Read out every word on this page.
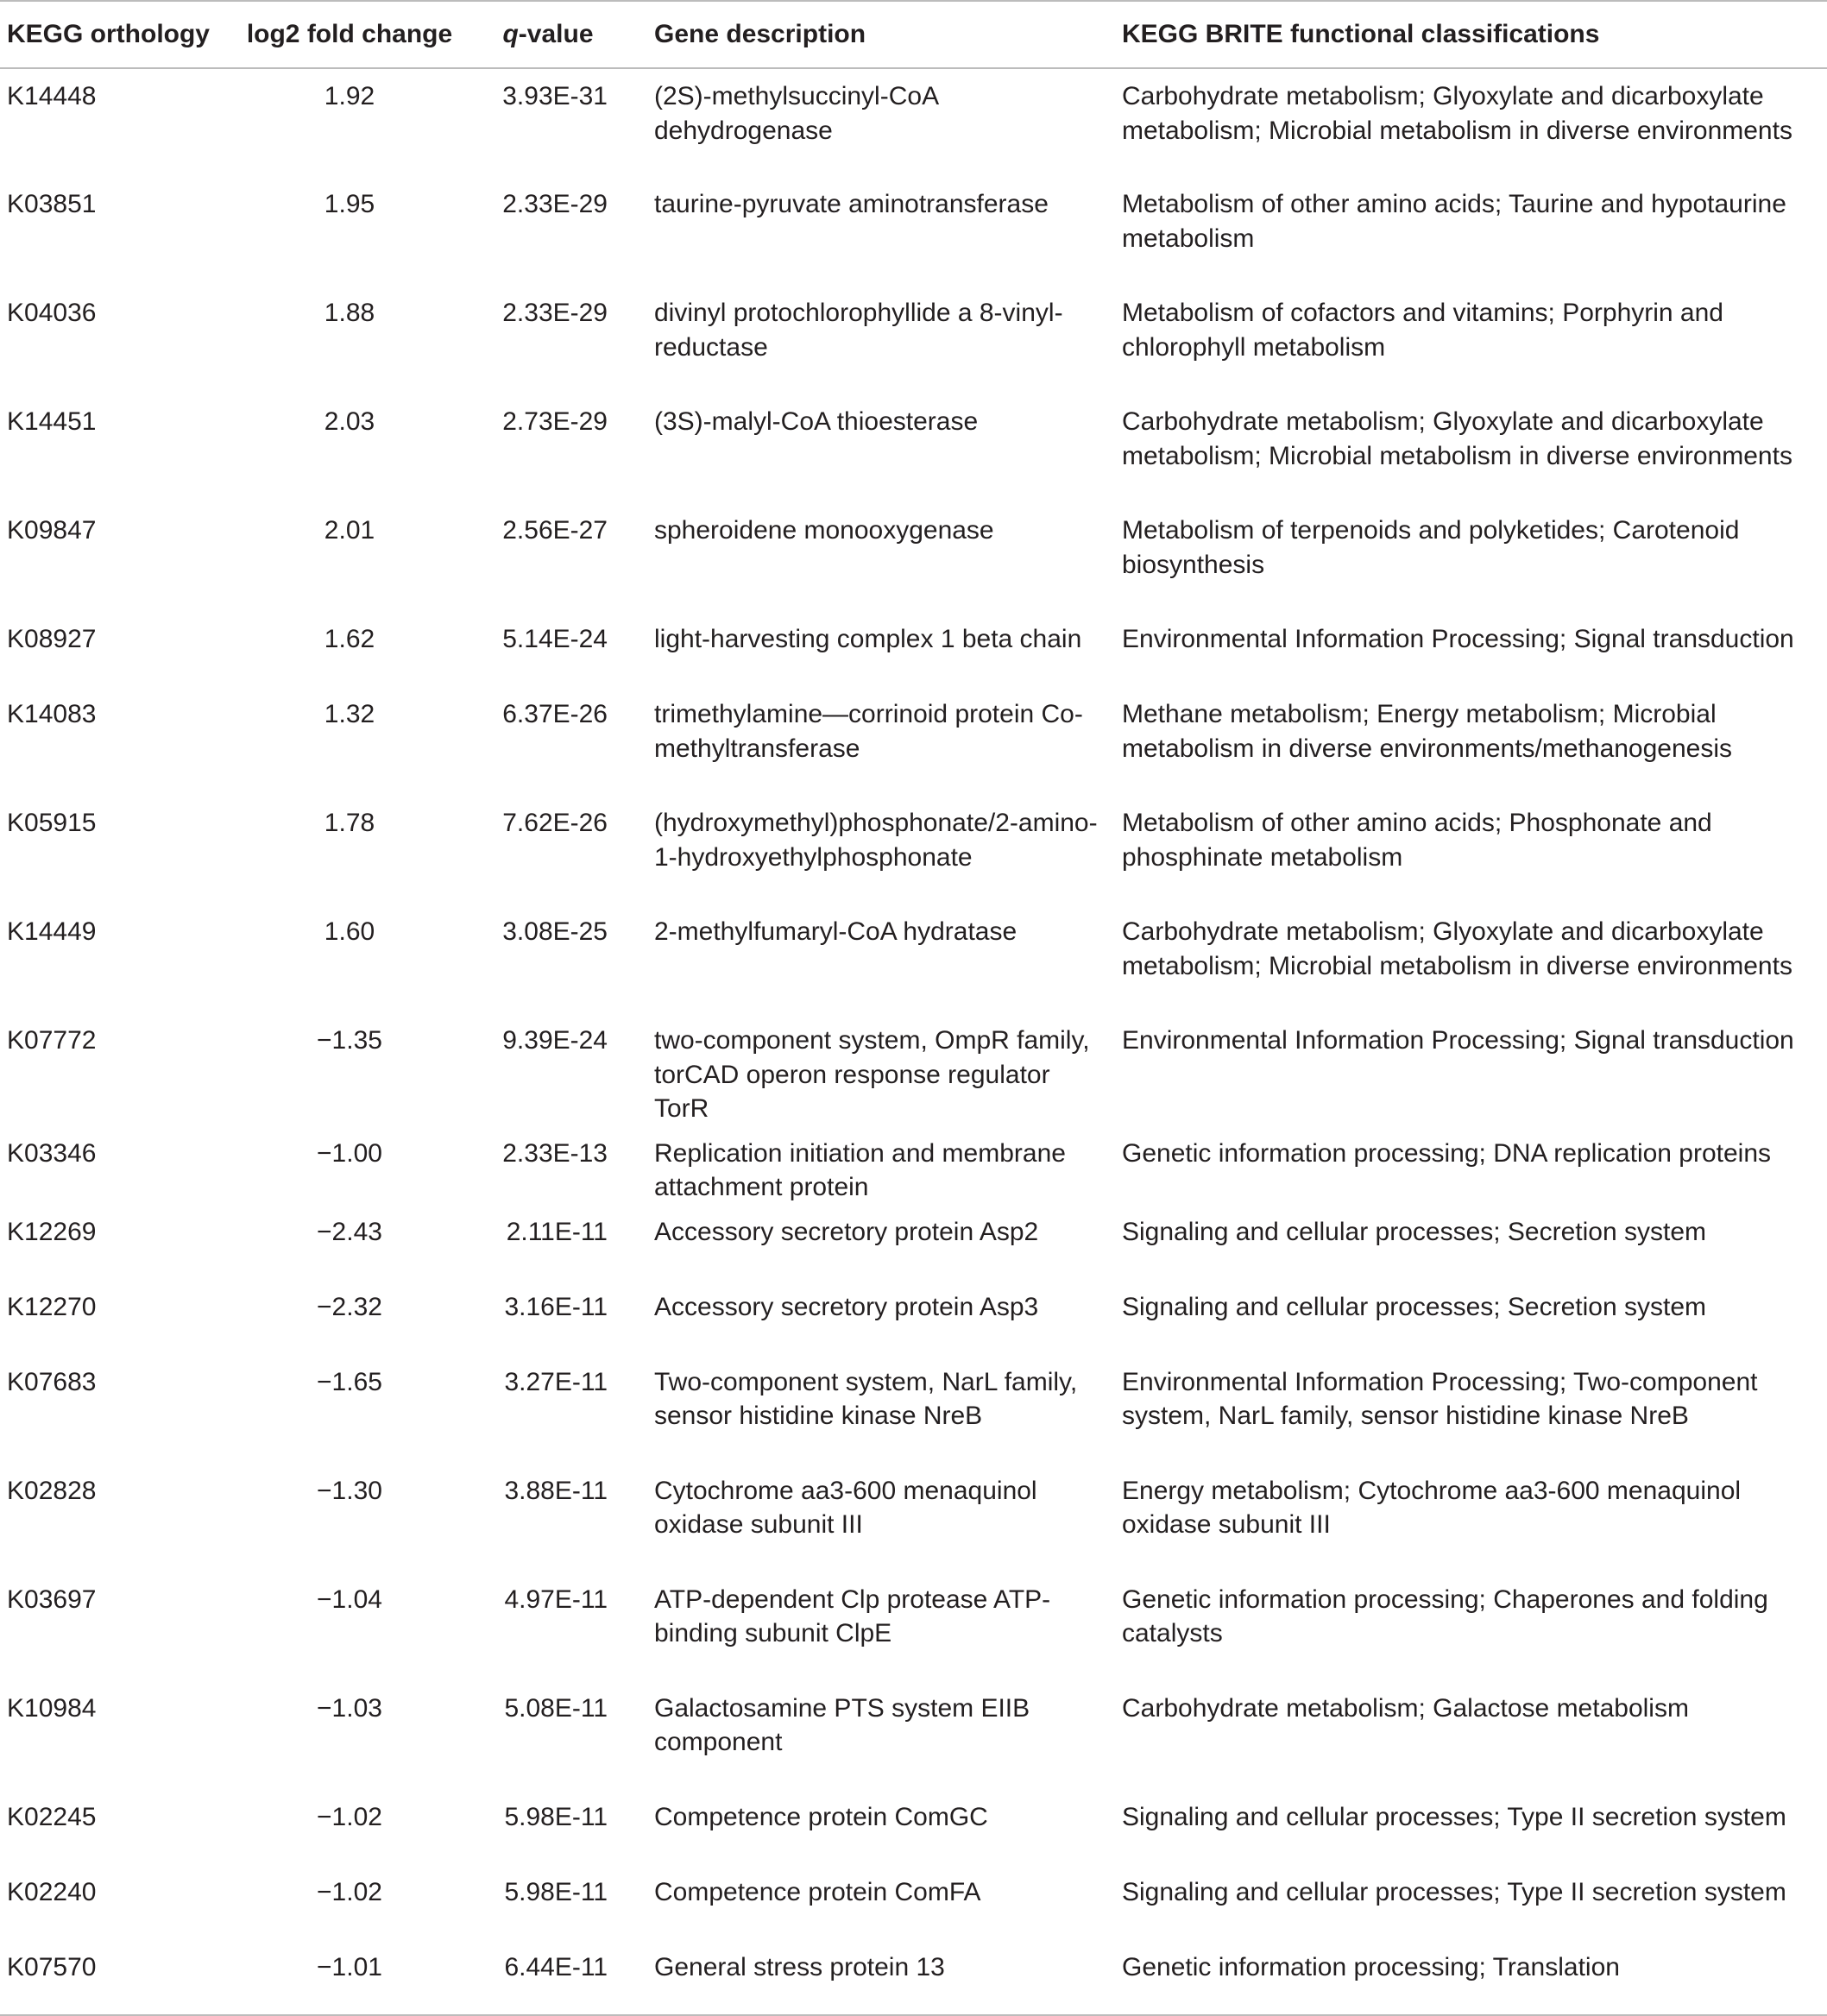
KEGG orthology	log2 fold change	q-value	Gene description	KEGG BRITE functional classifications
K14448	1.92	3.93E-31	(2S)-methylsuccinyl-CoA dehydrogenase	Carbohydrate metabolism; Glyoxylate and dicarboxylate metabolism; Microbial metabolism in diverse environments
K03851	1.95	2.33E-29	taurine-pyruvate aminotransferase	Metabolism of other amino acids; Taurine and hypotaurine metabolism
K04036	1.88	2.33E-29	divinyl protochlorophyllide a 8-vinyl-reductase	Metabolism of cofactors and vitamins; Porphyrin and chlorophyll metabolism
K14451	2.03	2.73E-29	(3S)-malyl-CoA thioesterase	Carbohydrate metabolism; Glyoxylate and dicarboxylate metabolism; Microbial metabolism in diverse environments
K09847	2.01	2.56E-27	spheroidene monooxygenase	Metabolism of terpenoids and polyketides; Carotenoid biosynthesis
K08927	1.62	5.14E-24	light-harvesting complex 1 beta chain	Environmental Information Processing; Signal transduction
K14083	1.32	6.37E-26	trimethylamine—corrinoid protein Co-methyltransferase	Methane metabolism; Energy metabolism; Microbial metabolism in diverse environments/methanogenesis
K05915	1.78	7.62E-26	(hydroxymethyl)phosphonate/2-amino-1-hydroxyethylphosphonate	Metabolism of other amino acids; Phosphonate and phosphinate metabolism
K14449	1.60	3.08E-25	2-methylfumaryl-CoA hydratase	Carbohydrate metabolism; Glyoxylate and dicarboxylate metabolism; Microbial metabolism in diverse environments
K07772	−1.35	9.39E-24	two-component system, OmpR family, torCAD operon response regulator TorR	Environmental Information Processing; Signal transduction
K03346	−1.00	2.33E-13	Replication initiation and membrane attachment protein	Genetic information processing; DNA replication proteins
K12269	−2.43	2.11E-11	Accessory secretory protein Asp2	Signaling and cellular processes; Secretion system
K12270	−2.32	3.16E-11	Accessory secretory protein Asp3	Signaling and cellular processes; Secretion system
K07683	−1.65	3.27E-11	Two-component system, NarL family, sensor histidine kinase NreB	Environmental Information Processing; Two-component system, NarL family, sensor histidine kinase NreB
K02828	−1.30	3.88E-11	Cytochrome aa3-600 menaquinol oxidase subunit III	Energy metabolism; Cytochrome aa3-600 menaquinol oxidase subunit III
K03697	−1.04	4.97E-11	ATP-dependent Clp protease ATP-binding subunit ClpE	Genetic information processing; Chaperones and folding catalysts
K10984	−1.03	5.08E-11	Galactosamine PTS system EIIB component	Carbohydrate metabolism; Galactose metabolism
K02245	−1.02	5.98E-11	Competence protein ComGC	Signaling and cellular processes; Type II secretion system
K02240	−1.02	5.98E-11	Competence protein ComFA	Signaling and cellular processes; Type II secretion system
K07570	−1.01	6.44E-11	General stress protein 13	Genetic information processing; Translation
